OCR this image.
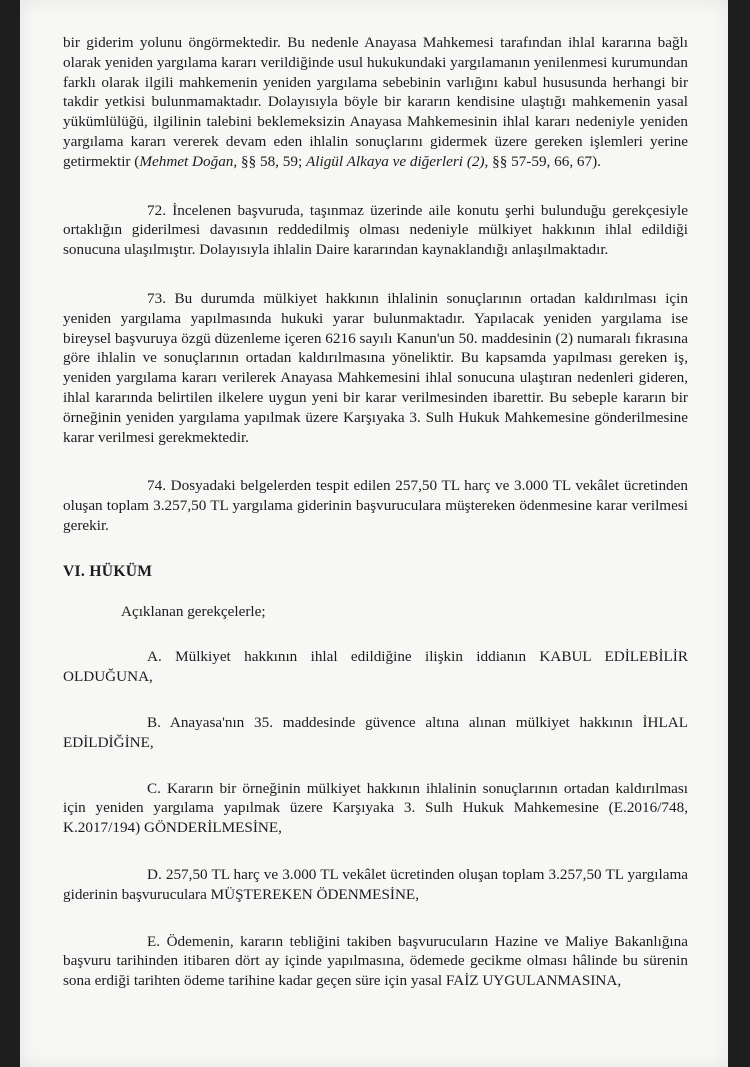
bir giderim yolunu öngörmektedir. Bu nedenle Anayasa Mahkemesi tarafından ihlal kararına bağlı olarak yeniden yargılama kararı verildiğinde usul hukukundaki yargılamanın yenilenmesi kurumundan farklı olarak ilgili mahkemenin yeniden yargılama sebebinin varlığını kabul hususunda herhangi bir takdir yetkisi bulunmamaktadır. Dolayısıyla böyle bir kararın kendisine ulaştığı mahkemenin yasal yükümlülüğü, ilgilinin talebini beklemeksizin Anayasa Mahkemesinin ihlal kararı nedeniyle yeniden yargılama kararı vererek devam eden ihlalin sonuçlarını gidermek üzere gereken işlemleri yerine getirmektir (Mehmet Doğan, §§ 58, 59; Aligül Alkaya ve diğerleri (2), §§ 57-59, 66, 67).

72. İncelenen başvuruda, taşınmaz üzerinde aile konutu şerhi bulunduğu gerekçesiyle ortaklığın giderilmesi davasının reddedilmiş olması nedeniyle mülkiyet hakkının ihlal edildiği sonucuna ulaşılmıştır. Dolayısıyla ihlalin Daire kararından kaynaklandığı anlaşılmaktadır.

73. Bu durumda mülkiyet hakkının ihlalinin sonuçlarının ortadan kaldırılması için yeniden yargılama yapılmasında hukuki yarar bulunmaktadır. Yapılacak yeniden yargılama ise bireysel başvuruya özgü düzenleme içeren 6216 sayılı Kanun'un 50. maddesinin (2) numaralı fıkrasına göre ihlalin ve sonuçlarının ortadan kaldırılmasına yöneliktir. Bu kapsamda yapılması gereken iş, yeniden yargılama kararı verilerek Anayasa Mahkemesini ihlal sonucuna ulaştıran nedenleri gideren, ihlal kararında belirtilen ilkelere uygun yeni bir karar verilmesinden ibarettir. Bu sebeple kararın bir örneğinin yeniden yargılama yapılmak üzere Karşıyaka 3. Sulh Hukuk Mahkemesine gönderilmesine karar verilmesi gerekmektedir.

74. Dosyadaki belgelerden tespit edilen 257,50 TL harç ve 3.000 TL vekâlet ücretinden oluşan toplam 3.257,50 TL yargılama giderinin başvuruculara müştereken ödenmesine karar verilmesi gerekir.

VI. HÜKÜM

Açıklanan gerekçelerle;

A. Mülkiyet hakkının ihlal edildiğine ilişkin iddianın KABUL EDİLEBİLİR OLDUĞUNA,

B. Anayasa'nın 35. maddesinde güvence altına alınan mülkiyet hakkının İHLAL EDİLDİĞİNE,

C. Kararın bir örneğinin mülkiyet hakkının ihlalinin sonuçlarının ortadan kaldırılması için yeniden yargılama yapılmak üzere Karşıyaka 3. Sulh Hukuk Mahkemesine (E.2016/748, K.2017/194) GÖNDERİLMESİNE,

D. 257,50 TL harç ve 3.000 TL vekâlet ücretinden oluşan toplam 3.257,50 TL yargılama giderinin başvuruculara MÜŞTEREKEN ÖDENMESİNE,

E. Ödemenin, kararın tebliğini takiben başvurucuların Hazine ve Maliye Bakanlığına başvuru tarihinden itibaren dört ay içinde yapılmasına, ödemede gecikme olması hâlinde bu sürenin sona erdiği tarihten ödeme tarihine kadar geçen süre için yasal FAİZ UYGULANMASINA,
